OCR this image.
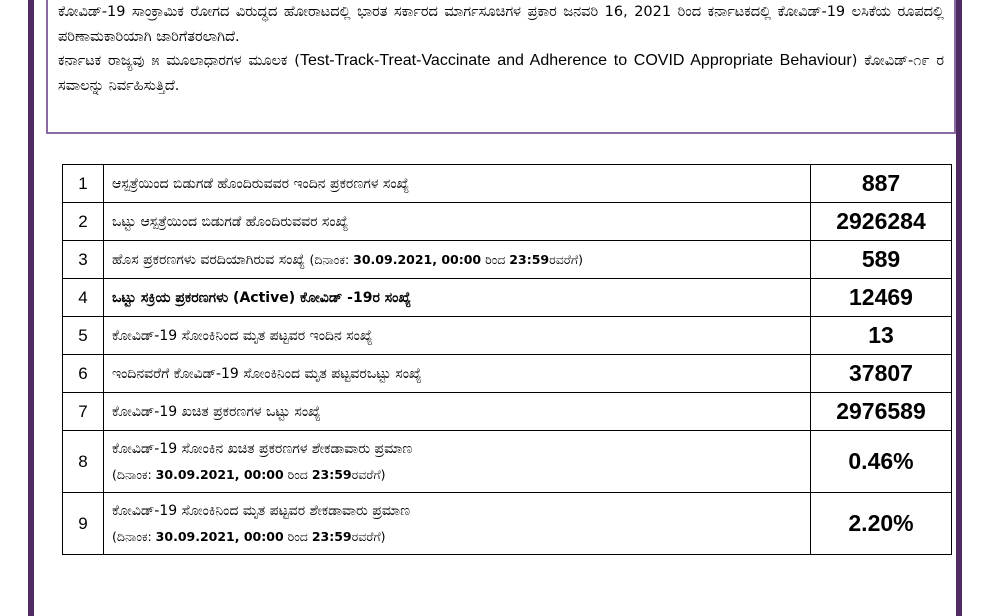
ಕೋವಿಡ್-19 ಸಾಂಕ್ರಾಮಿಕ ರೋಗದ ವಿರುದ್ಧದ ಹೋರಾಟದಲ್ಲಿ ಭಾರತ ಸರ್ಕಾರದ ಮಾರ್ಗಸೂಚಿಗಳ ಪ್ರಕಾರ ಜನವರಿ 16, 2021 ರಿಂದ ಕರ್ನಾಟಕದಲ್ಲಿ ಕೋವಿಡ್-19 ಲಸಿಕೆಯ ರೂಪದಲ್ಲಿ ಪರಿಣಾಮಕಾರಿಯಾಗಿ ಜಾರಿಗೆತರಲಾಗಿದೆ.

ಕರ್ನಾಟಕ ರಾಜ್ಯವು ೫ ಮೂಲಾಧಾರಗಳ ಮೂಲಕ (Test-Track-Treat-Vaccinate and Adherence to COVID Appropriate Behaviour) ಕೋವಿಡ್-೧೯ ರ ಸವಾಲನ್ನು ನಿರ್ವಹಿಸುತ್ತಿದೆ.

1	ಆಸ್ಪತ್ರೆಯಿಂದ ಬಿಡುಗಡೆ ಹೊಂದಿರುವವರ ಇಂದಿನ ಪ್ರಕರಣಗಳ ಸಂಖ್ಯೆ	887
2	ಒಟ್ಟು ಆಸ್ಪತ್ರೆಯಿಂದ ಬಿಡುಗಡೆ ಹೊಂದಿರುವವರ ಸಂಖ್ಯೆ	2926284
3	ಹೊಸ ಪ್ರಕರಣಗಳು ವರದಿಯಾಗಿರುವ ಸಂಖ್ಯೆ (ದಿನಾಂಕ: 30.09.2021, 00:00 ರಿಂದ 23:59ರವರೆಗೆ)	589
4	ಒಟ್ಟು ಸಕ್ರಿಯ ಪ್ರಕರಣಗಳು (Active) ಕೋವಿಡ್ -19ರ ಸಂಖ್ಯೆ	12469
5	ಕೋವಿಡ್-19 ಸೋಂಕಿನಿಂದ ಮೃತ ಪಟ್ಟವರ ಇಂದಿನ ಸಂಖ್ಯೆ	13
6	ಇಂದಿನವರೆಗೆ ಕೋವಿಡ್-19 ಸೋಂಕಿನಿಂದ ಮೃತ ಪಟ್ಟವರಒಟ್ಟು ಸಂಖ್ಯೆ	37807
7	ಕೋವಿಡ್-19 ಖಚಿತ ಪ್ರಕರಣಗಳ ಒಟ್ಟು ಸಂಖ್ಯೆ	2976589
8	ಕೋವಿಡ್-19 ಸೋಂಕಿನ ಖಚಿತ ಪ್ರಕರಣಗಳ ಶೇಕಡಾವಾರು ಪ್ರಮಾಣ
(ದಿನಾಂಕ: 30.09.2021, 00:00 ರಿಂದ 23:59ರವರೆಗೆ)	0.46%
9	ಕೋವಿಡ್-19 ಸೋಂಕಿನಿಂದ ಮೃತ ಪಟ್ಟವರ ಶೇಕಡಾವಾರು ಪ್ರಮಾಣ
(ದಿನಾಂಕ: 30.09.2021, 00:00 ರಿಂದ 23:59ರವರೆಗೆ)	2.20%
